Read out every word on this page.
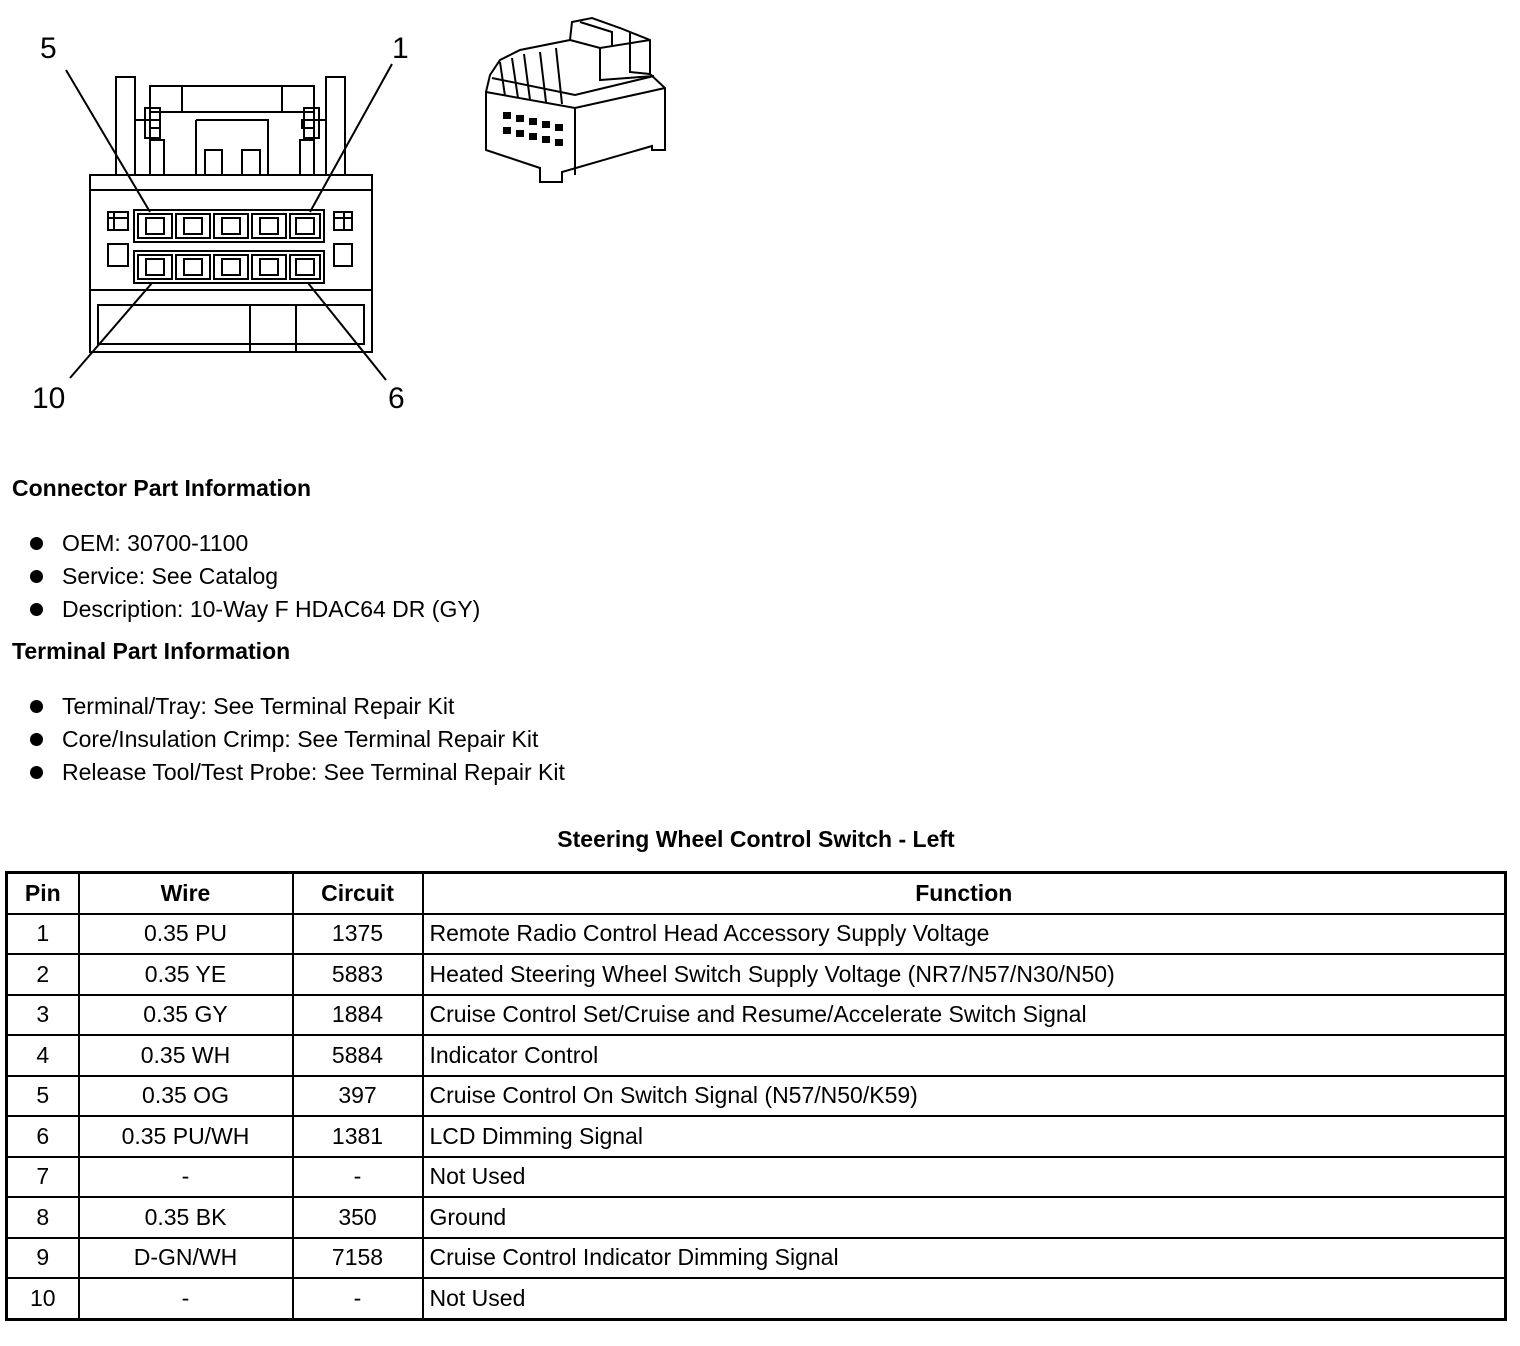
5	1
10	6
Connector Part Information
OEM: 30700-1100
Service: See Catalog
Description: 10-Way F HDAC64 DR (GY)
Terminal Part Information
Terminal/Tray: See Terminal Repair Kit
Core/Insulation Crimp: See Terminal Repair Kit
Release Tool/Test Probe: See Terminal Repair Kit
Steering Wheel Control Switch - Left
Pin	Wire	Circuit	Function
1	0.35 PU	1375	Remote Radio Control Head Accessory Supply Voltage
2	0.35 YE	5883	Heated Steering Wheel Switch Supply Voltage (NR7/N57/N30/N50)
3	0.35 GY	1884	Cruise Control Set/Cruise and Resume/Accelerate Switch Signal
4	0.35 WH	5884	Indicator Control
5	0.35 OG	397	Cruise Control On Switch Signal (N57/N50/K59)
6	0.35 PU/WH	1381	LCD Dimming Signal
7	-	-	Not Used
8	0.35 BK	350	Ground
9	D-GN/WH	7158	Cruise Control Indicator Dimming Signal
10	-	-	Not Used
